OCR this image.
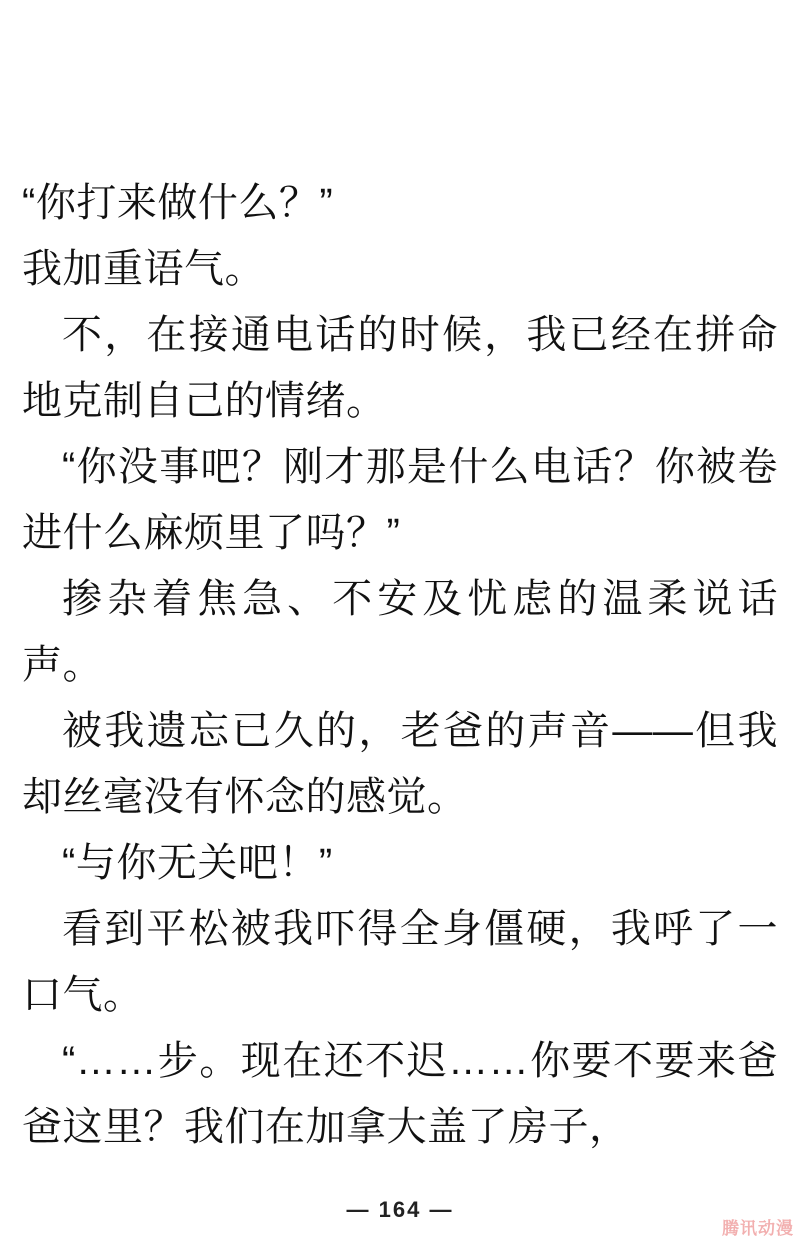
“你打来做什么？”

我加重语气。

不，在接通电话的时候，我已经在拼命地克制自己的情绪。

“你没事吧？刚才那是什么电话？你被卷进什么麻烦里了吗？”

掺杂着焦急、不安及忧虑的温柔说话声。

被我遗忘已久的，老爸的声音——但我却丝毫没有怀念的感觉。

“与你无关吧！”

看到平松被我吓得全身僵硬，我呼了一口气。

“……步。现在还不迟……你要不要来爸爸这里？我们在加拿大盖了房子，

— 164 —
腾讯动漫
